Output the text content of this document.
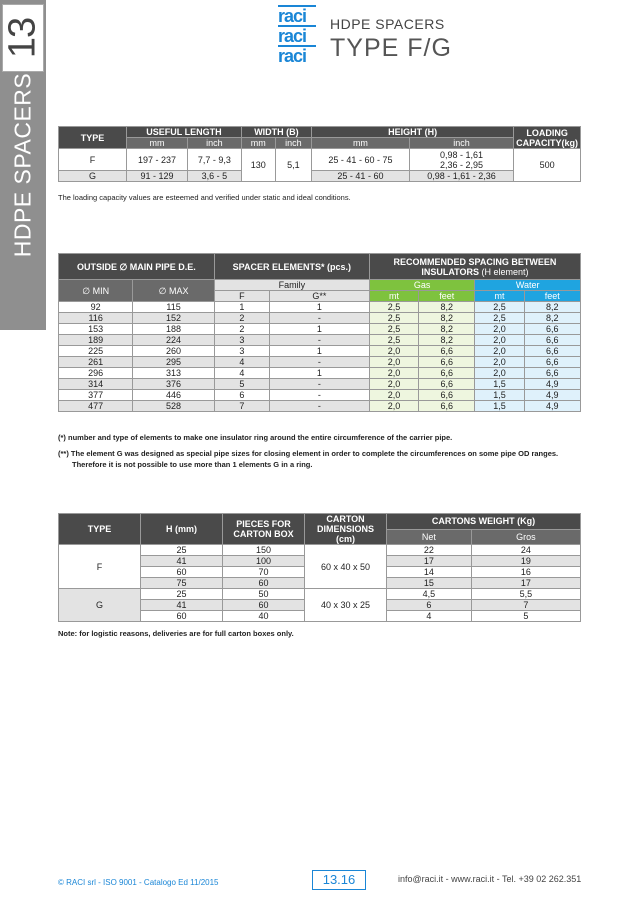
13
HDPE SPACERS
raci
raci
raci
HDPE SPACERS
TYPE F/G
TYPE	USEFUL LENGTH		WIDTH (B)		HEIGHT (H)		LOADING
CAPACITY(kg)
	mm	inch	mm	inch	mm	inch	
F	197 - 237	7,7 - 9,3	130	5,1	25 - 41 - 60 - 75	0,98 - 1,61
2,36 - 2,95	500
G	91 - 129	3,6 - 5			25 - 41 - 60	0,98 - 1,61 - 2,36	
The loading capacity values are esteemed and verified under static and ideal conditions.
OUTSIDE ∅ MAIN PIPE D.E.		SPACER ELEMENTS* (pcs.)		RECOMMENDED SPACING BETWEEN
INSULATORS (H element)			
∅ MIN	∅ MAX	Family		Gas		Water	
		F	G**	mt	feet	mt	feet
92	115	1	1	2,5	8,2	2,5	8,2
116	152	2	-	2,5	8,2	2,5	8,2
153	188	2	1	2,5	8,2	2,0	6,6
189	224	3	-	2,5	8,2	2,0	6,6
225	260	3	1	2,0	6,6	2,0	6,6
261	295	4	-	2,0	6,6	2,0	6,6
296	313	4	1	2,0	6,6	2,0	6,6
314	376	5	-	2,0	6,6	1,5	4,9
377	446	6	-	2,0	6,6	1,5	4,9
477	528	7	-	2,0	6,6	1,5	4,9
(*) number and type of elements to make one insulator ring around the entire circumference of the carrier pipe.
(**) The element G was designed as special pipe sizes for closing element in order to complete the circumferences on some pipe OD ranges.
Therefore it is not possible to use more than 1 elements G in a ring.
TYPE	H (mm)	PIECES FOR
CARTON BOX	CARTON
DIMENSIONS (cm)	CARTONS WEIGHT (Kg)	
				Net	Gros
F	25	150	60 x 40 x 50	22	24
	41	100		17	19
	60	70		14	16
	75	60		15	17
G	25	50	40 x 30 x 25	4,5	5,5
	41	60		6	7
	60	40		4	5
Note: for logistic reasons, deliveries are for full carton boxes only.
© RACI srl - ISO 9001 - Catalogo Ed 11/2015	13.16	info@raci.it - www.raci.it - Tel. +39 02 262.351
